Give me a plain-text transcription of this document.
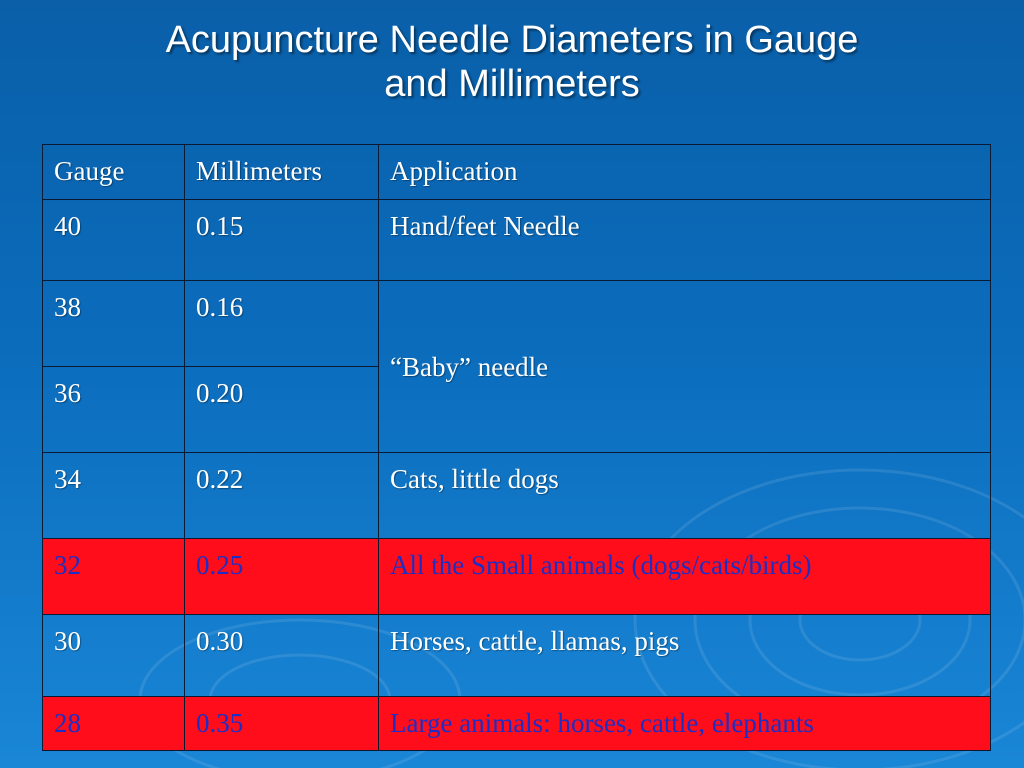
Acupuncture Needle Diameters in Gauge
and Millimeters
Gauge	Millimeters	Application
40	0.15	Hand/feet Needle
38	0.16	“Baby” needle
36	0.20	
34	0.22	Cats, little dogs
32	0.25	All the Small animals (dogs/cats/birds)
30	0.30	Horses, cattle, llamas, pigs
28	0.35	Large animals: horses, cattle, elephants
